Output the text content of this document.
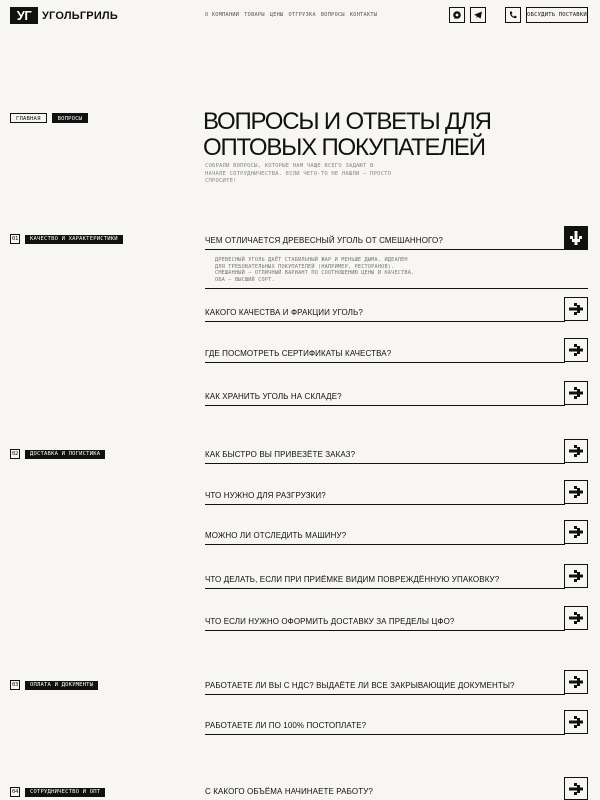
УГ УГОЛЬГРИЛЬ	О КОМПАНИИ ТОВАРЫ ЦЕНЫ ОТГРУЗКА ВОПРОСЫ КОНТАКТЫ	ОБСУДИТЬ ПОСТАВКИ
ГЛАВНАЯ	ВОПРОСЫ	ВОПРОСЫ И ОТВЕТЫ ДЛЯ ОПТОВЫХ ПОКУПАТЕЛЕЙ
СОБРАЛИ ВОПРОСЫ, КОТОРЫЕ НАМ ЧАЩЕ ВСЕГО ЗАДАЮТ В НАЧАЛЕ СОТРУДНИЧЕСТВА. ЕСЛИ ЧЕГО-ТО НЕ НАШЛИ — ПРОСТО СПРОСИТЕ!
01	КАЧЕСТВО И ХАРАКТЕРИСТИКИ
02	ДОСТАВКА И ЛОГИСТИКА
03	ОПЛАТА И ДОКУМЕНТЫ
04	СОТРУДНИЧЕСТВО И ОПТ
ЧЕМ ОТЛИЧАЕТСЯ ДРЕВЕСНЫЙ УГОЛЬ ОТ СМЕШАННОГО?
ДРЕВЕСНЫЙ УГОЛЬ ДАЁТ СТАБИЛЬНЫЙ ЖАР И МЕНЬШЕ ДЫМА. ИДЕАЛЕН ДЛЯ ТРЕБОВАТЕЛЬНЫХ ПОКУПАТЕЛЕЙ (НАПРИМЕР, РЕСТОРАНОВ). СМЕШАННЫЙ — ОТЛИЧНЫЙ ВАРИАНТ ПО СООТНОШЕНИЮ ЦЕНЫ И КАЧЕСТВА. ОБА — ВЫСШИЙ СОРТ.
КАКОГО КАЧЕСТВА И ФРАКЦИИ УГОЛЬ?
ГДЕ ПОСМОТРЕТЬ СЕРТИФИКАТЫ КАЧЕСТВА?
КАК ХРАНИТЬ УГОЛЬ НА СКЛАДЕ?
КАК БЫСТРО ВЫ ПРИВЕЗЁТЕ ЗАКАЗ?
ЧТО НУЖНО ДЛЯ РАЗГРУЗКИ?
МОЖНО ЛИ ОТСЛЕДИТЬ МАШИНУ?
ЧТО ДЕЛАТЬ, ЕСЛИ ПРИ ПРИЁМКЕ ВИДИМ ПОВРЕЖДЁННУЮ УПАКОВКУ?
ЧТО ЕСЛИ НУЖНО ОФОРМИТЬ ДОСТАВКУ ЗА ПРЕДЕЛЫ ЦФО?
РАБОТАЕТЕ ЛИ ВЫ С НДС? ВЫДАЁТЕ ЛИ ВСЕ ЗАКРЫВАЮЩИЕ ДОКУМЕНТЫ?
РАБОТАЕТЕ ЛИ ПО 100% ПОСТОПЛАТЕ?
С КАКОГО ОБЪЁМА НАЧИНАЕТЕ РАБОТУ?
